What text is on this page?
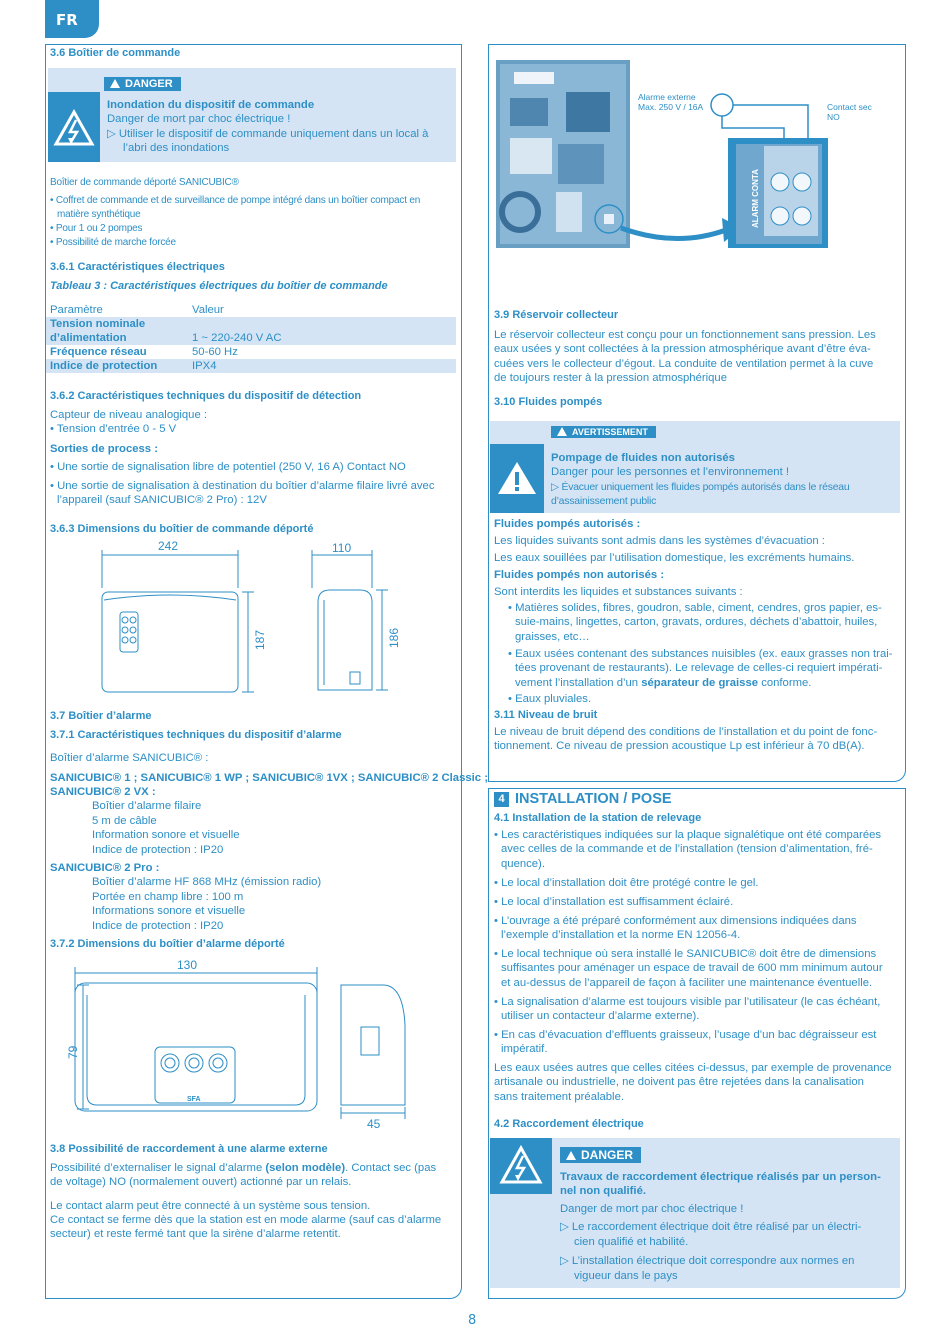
FR
3.6 Boîtier de commande
DANGER
Inondation du dispositif de commande
Danger de mort par choc électrique !
▷ Utiliser le dispositif de commande uniquement dans un local à
l’abri des inondations
Boîtier de commande déporté SANICUBIC®
• Coffret de commande et de surveillance de pompe intégré dans un boîtier compact en
matière synthétique
• Pour 1 ou 2 pompes
• Possibilité de marche forcée
3.6.1 Caractéristiques électriques
Tableau 3 : Caractéristiques électriques du boîtier de commande
Paramètre	Valeur
Tension nominale
d’alimentation	1 ~ 220-240 V AC
Fréquence réseau	50-60 Hz
Indice de protection	IPX4
3.6.2 Caractéristiques techniques du dispositif de détection
Capteur de niveau analogique :
• Tension d’entrée 0 - 5 V
Sorties de process :
• Une sortie de signalisation libre de potentiel (250 V, 16 A) Contact NO
• Une sortie de signalisation à destination du boîtier d’alarme filaire livré avec
l’appareil (sauf SANICUBIC® 2 Pro) : 12V
3.6.3 Dimensions du boîtier de commande déporté
242	110
187	186
3.7 Boîtier d’alarme
3.7.1 Caractéristiques techniques du dispositif d’alarme
Boîtier d’alarme SANICUBIC® :
SANICUBIC® 1 ; SANICUBIC® 1 WP ; SANICUBIC® 1VX ; SANICUBIC® 2 Classic ;
SANICUBIC® 2 VX :
Boîtier d’alarme filaire
5 m de câble
Information sonore et visuelle
Indice de protection : IP20
SANICUBIC® 2 Pro :
Boîtier d’alarme HF 868 MHz (émission radio)
Portée en champ libre : 100 m
Informations sonore et visuelle
Indice de protection : IP20
3.7.2 Dimensions du boîtier d’alarme déporté
130
79
45
SFA
3.8 Possibilité de raccordement à une alarme externe
Possibilité d’externaliser le signal d’alarme (selon modèle). Contact sec (pas
de voltage) NO (normalement ouvert) actionné par un relais.
Le contact alarm peut être connecté à un système sous tension.
Ce contact se ferme dès que la station est en mode alarme (sauf cas d’alarme
secteur) et reste fermé tant que la sirène d’alarme retentit.
ALARM CONTA
Alarme externe
Max. 250 V / 16A	Contact sec
NO
3.9 Réservoir collecteur
Le réservoir collecteur est conçu pour un fonctionnement sans pression. Les
eaux usées y sont collectées à la pression atmosphérique avant d’être éva-
cuées vers le collecteur d’égout. La conduite de ventilation permet à la cuve
de toujours rester à la pression atmosphérique
3.10 Fluides pompés
AVERTISSEMENT
Pompage de fluides non autorisés
Danger pour les personnes et l’environnement !
▷ Évacuer uniquement les fluides pompés autorisés dans le réseau
d’assainissement public
Fluides pompés autorisés :
Les liquides suivants sont admis dans les systèmes d’évacuation :
Les eaux souillées par l’utilisation domestique, les excréments humains.
Fluides pompés non autorisés :
Sont interdits les liquides et substances suivants :
• Matières solides, fibres, goudron, sable, ciment, cendres, gros papier, es-
suie-mains, lingettes, carton, gravats, ordures, déchets d’abattoir, huiles,
graisses, etc…
• Eaux usées contenant des substances nuisibles (ex. eaux grasses non trai-
tées provenant de restaurants). Le relevage de celles-ci requiert impérati-
vement l’installation d’un séparateur de graisse conforme.
• Eaux pluviales.
3.11 Niveau de bruit
Le niveau de bruit dépend des conditions de l’installation et du point de fonc-
tionnement. Ce niveau de pression acoustique Lp est inférieur à 70 dB(A).
4 INSTALLATION / POSE
4.1 Installation de la station de relevage
• Les caractéristiques indiquées sur la plaque signalétique ont été comparées
avec celles de la commande et de l’installation (tension d’alimentation, fré-
quence).
• Le local d’installation doit être protégé contre le gel.
• Le local d’installation est suffisamment éclairé.
• L’ouvrage a été préparé conformément aux dimensions indiquées dans
l’exemple d’installation et la norme EN 12056-4.
• Le local technique où sera installé le SANICUBIC® doit être de dimensions
suffisantes pour aménager un espace de travail de 600 mm minimum autour
et au-dessus de l’appareil de façon à faciliter une maintenance éventuelle.
• La signalisation d’alarme est toujours visible par l’utilisateur (le cas échéant,
utiliser un contacteur d’alarme externe).
• En cas d’évacuation d’effluents graisseux, l’usage d’un bac dégraisseur est
impératif.
Les eaux usées autres que celles citées ci-dessus, par exemple de provenance
artisanale ou industrielle, ne doivent pas être rejetées dans la canalisation
sans traitement préalable.
4.2 Raccordement électrique
DANGER
Travaux de raccordement électrique réalisés par un person-
nel non qualifié.
Danger de mort par choc électrique !
▷ Le raccordement électrique doit être réalisé par un électri-
cien qualifié et habilité.
▷ L’installation électrique doit correspondre aux normes en
vigueur dans le pays
8
